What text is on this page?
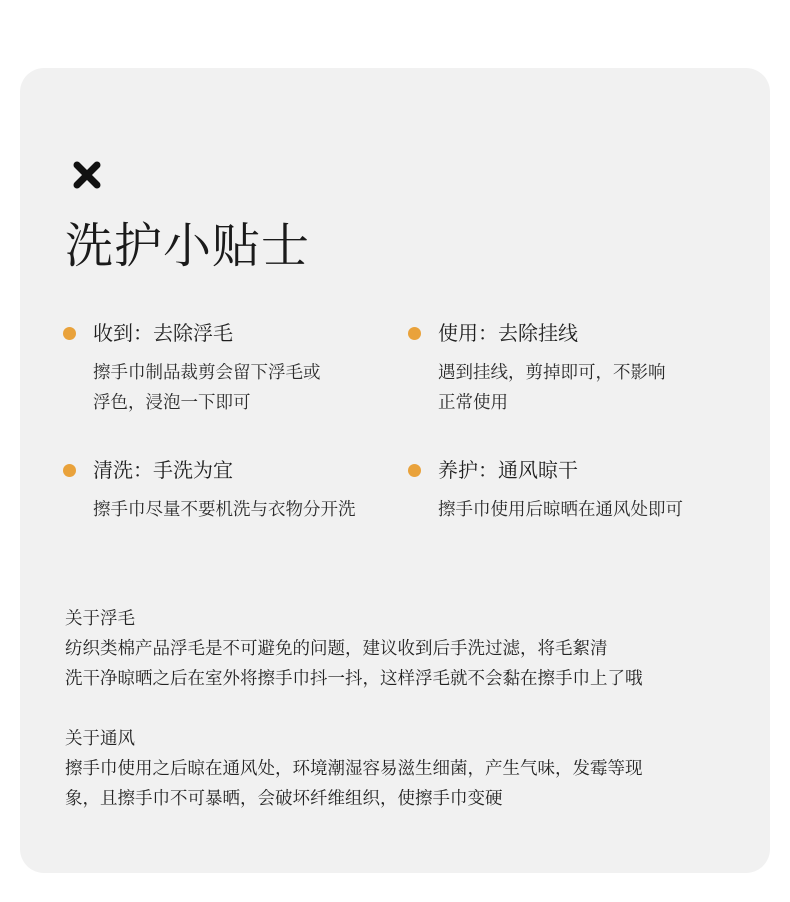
洗护小贴士
收到：去除浮毛
擦手巾制品裁剪会留下浮毛或
浮色，浸泡一下即可
使用：去除挂线
遇到挂线，剪掉即可，不影响
正常使用
清洗：手洗为宜
擦手巾尽量不要机洗与衣物分开洗
养护：通风晾干
擦手巾使用后晾晒在通风处即可
关于浮毛
纺织类棉产品浮毛是不可避免的问题，建议收到后手洗过滤，将毛絮清
洗干净晾晒之后在室外将擦手巾抖一抖，这样浮毛就不会黏在擦手巾上了哦
关于通风
擦手巾使用之后晾在通风处，环境潮湿容易滋生细菌，产生气味，发霉等现
象，且擦手巾不可暴晒，会破坏纤维组织，使擦手巾变硬
